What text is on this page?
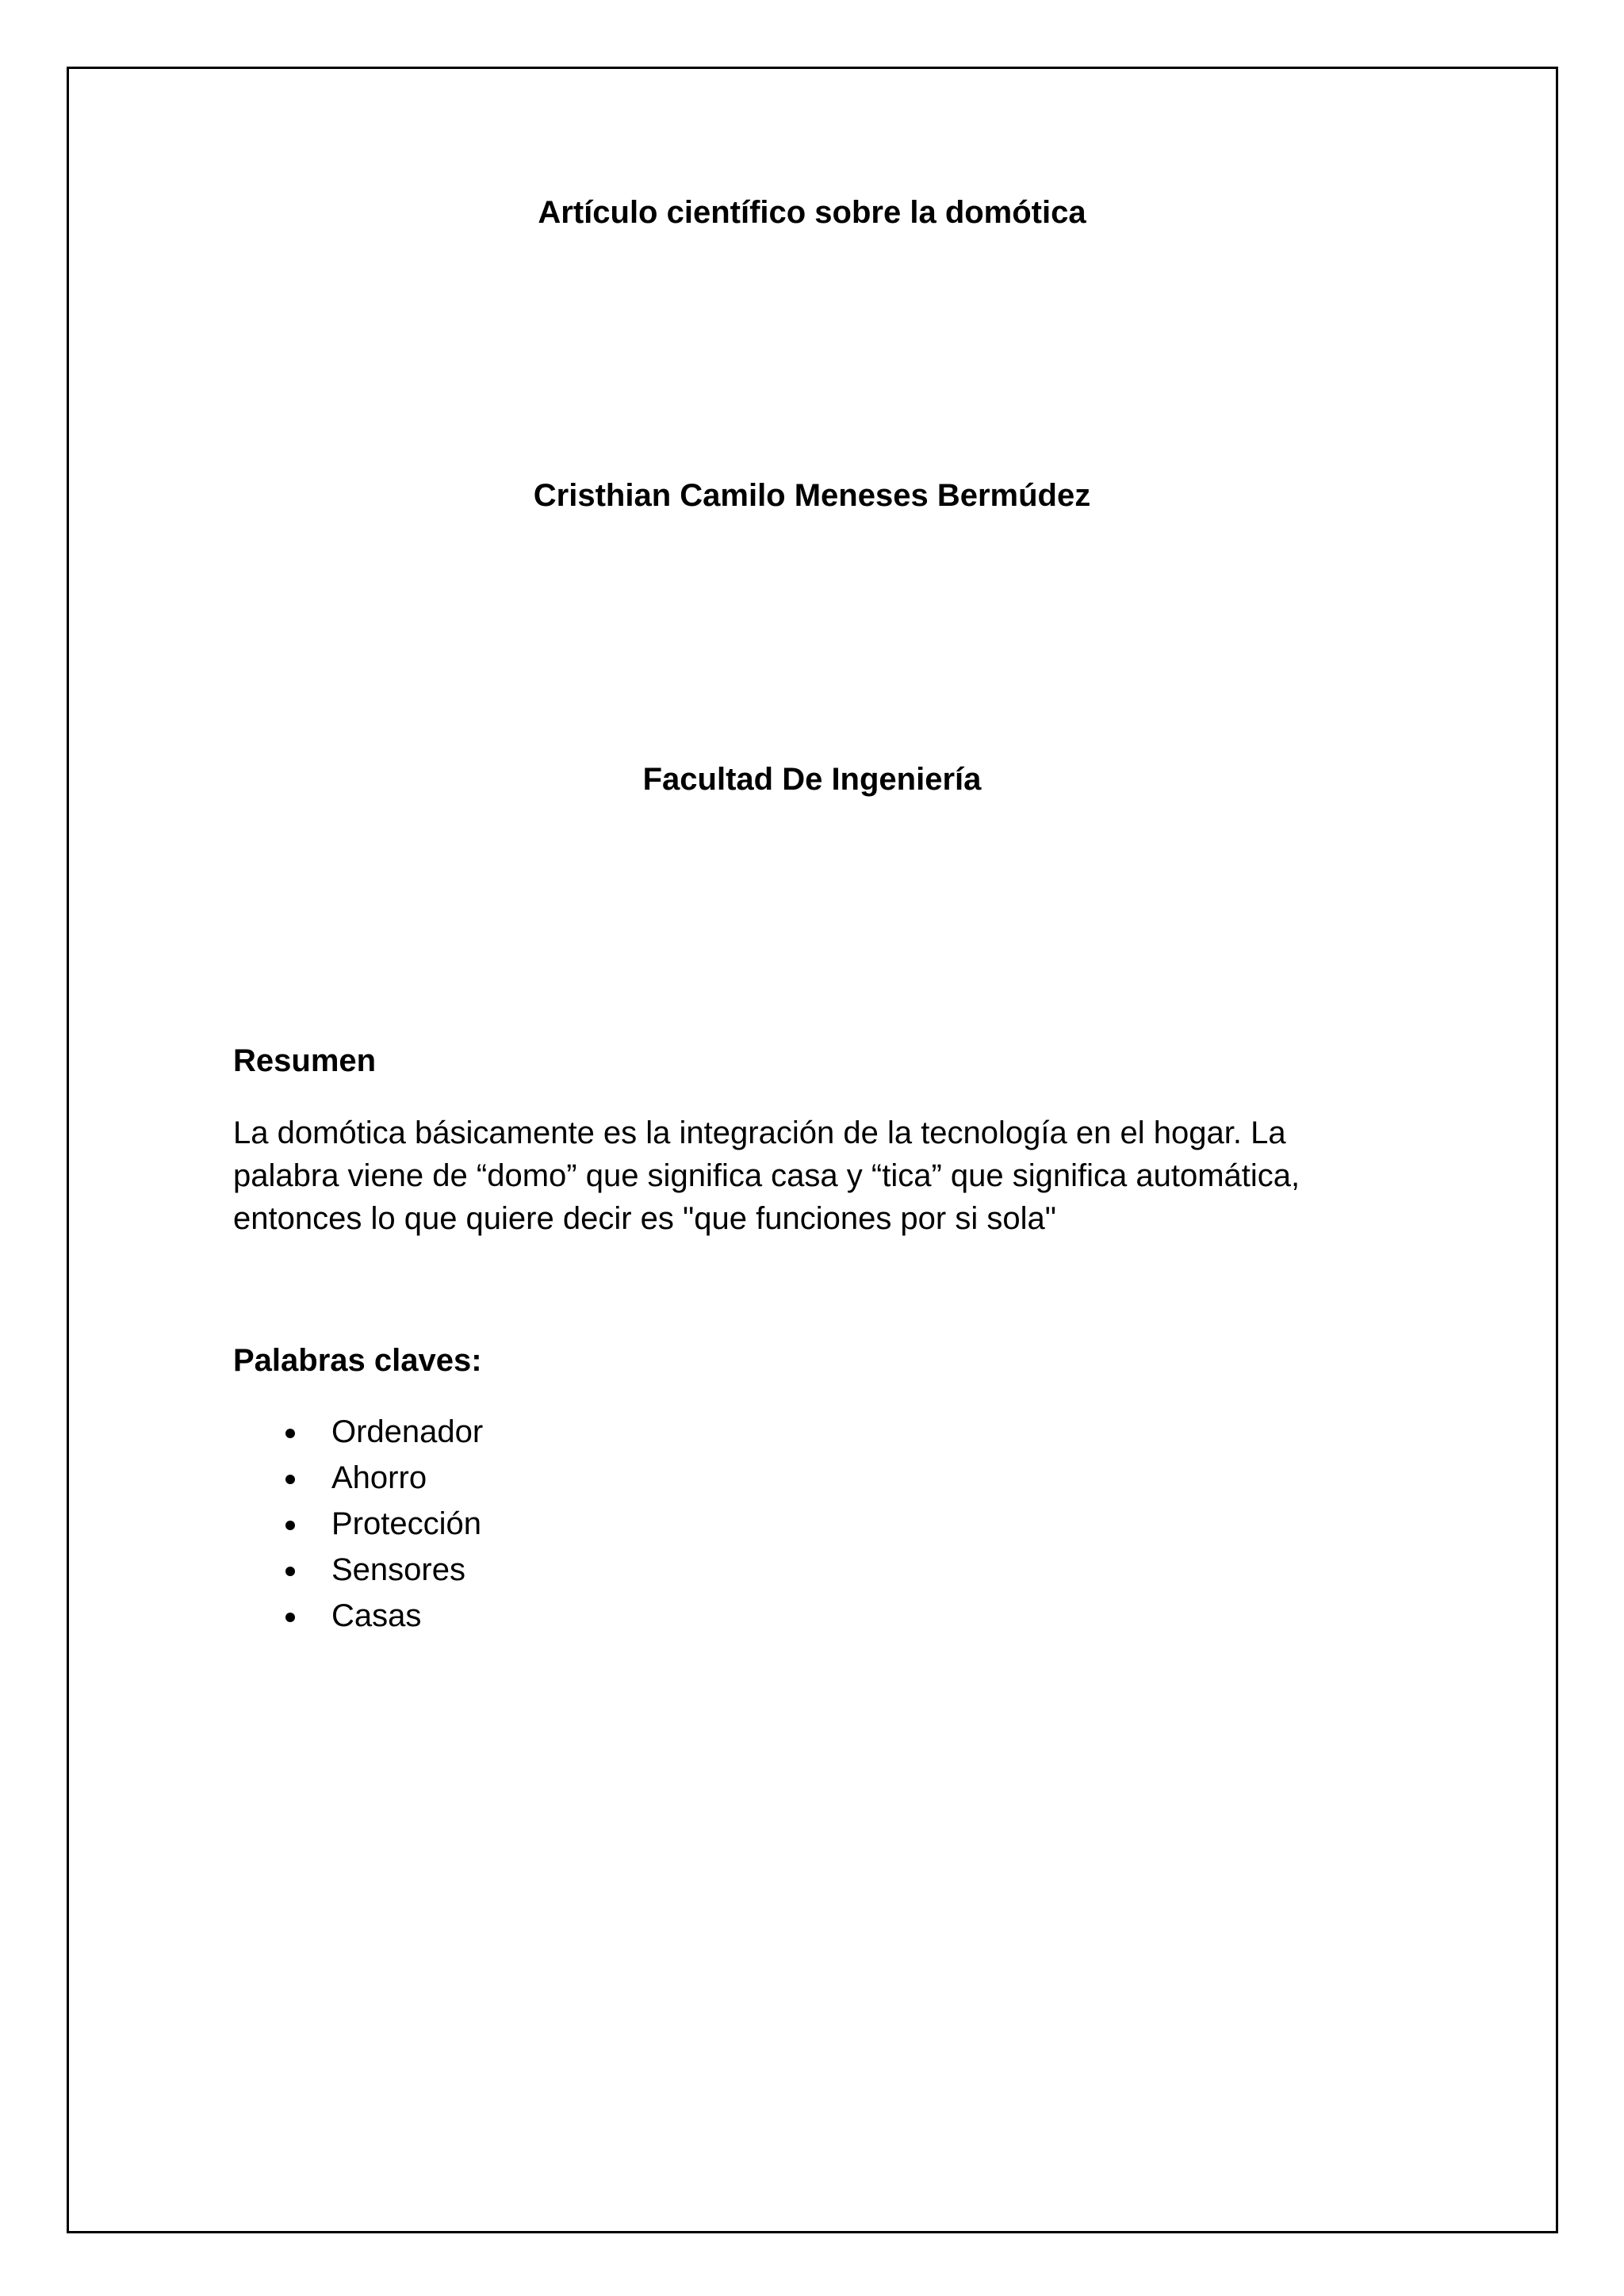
Artículo científico sobre la domótica
Cristhian Camilo Meneses Bermúdez
Facultad De Ingeniería
Resumen
La domótica básicamente es la integración de la tecnología en el hogar. La
palabra viene de “domo” que significa casa y “tica” que significa automática,
entonces lo que quiere decir es "que funciones por si sola"
Palabras claves:
Ordenador
Ahorro
Protección
Sensores
Casas
